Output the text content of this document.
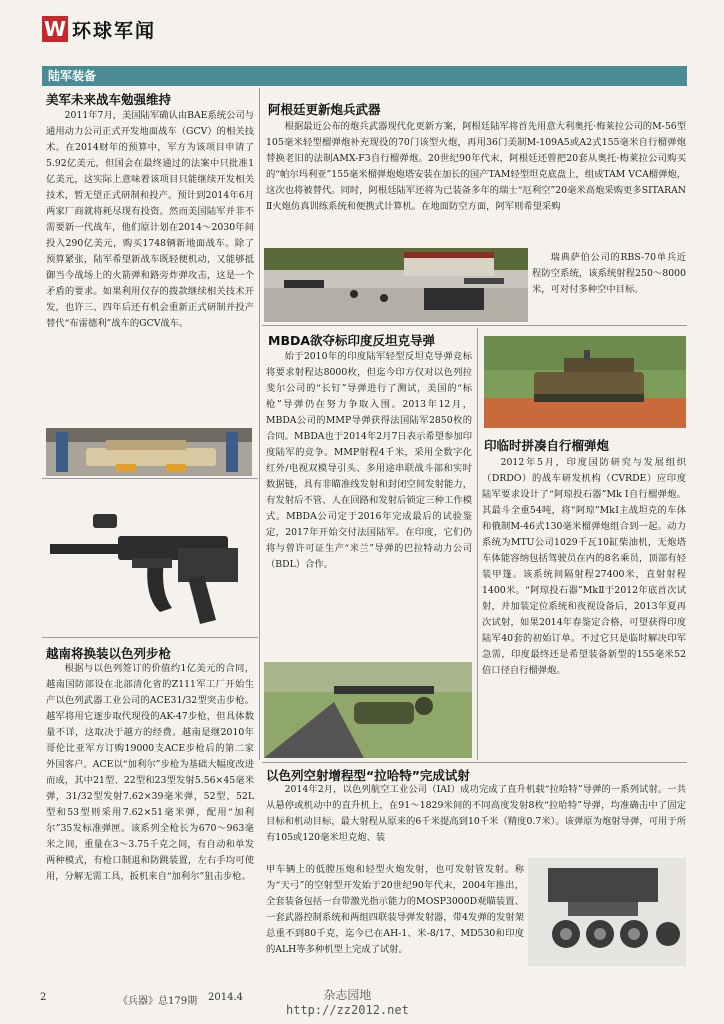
W 环球军闻
陆军装备
美军未来战车勉强维持

2011年7月，美国陆军确认由BAE系统公司与通用动力公司正式开发地面战车（GCV）的相关技术。在2014财年的预算中，军方为该项目申请了5.92亿美元，但国会在最终通过的法案中只批准1亿美元，这实际上意味着该项目只能继续开发相关技术，暂无望正式研制和投产。预计到2014年6月两家厂商就将耗尽现有投资。然而美国陆军并非不需要新一代战车，他们原计划在2014～2030年间投入290亿美元，购买1748辆新地面战车。除了预算紧张，陆军希望新战车既轻便机动，又能够抵御当今战场上的火箭弹和路旁炸弹攻击，这是一个矛盾的要求。如果利用仅存的拨款继续相关技术开发，也许三、四年后还有机会重新正式研制并投产替代“布雷德利”战车的GCV战车。

越南将换装以色列步枪

根据与以色列签订的价值约1亿美元的合同，越南国防部设在北部清化省的Z111军工厂开始生产以色列武器工业公司的ACE31/32型突击步枪。越军将用它逐步取代现役的AK-47步枪，但具体数量不详，这取决于越方的经费。越南是继2010年哥伦比亚军方订购19000支ACE步枪后的第二家外国客户。ACE以“加利尔”步枪为基础大幅度改进而成，其中21型、22型和23型发射5.56×45毫米弹，31/32型发射7.62×39毫米弹，52型、52L型和53型则采用7.62×51毫米弹，配用“加利尔”35发标准弹匣。该系列全枪长为670～963毫米之间，重量在3～3.75千克之间，有自动和单发两种模式，有枪口制退和防跳装置，左右手均可使用，分解无需工具，扳机来自“加利尔”狙击步枪。

阿根廷更新炮兵武器

根据最近公布的炮兵武器现代化更新方案，阿根廷陆军将首先用意大利奥托·梅莱拉公司的M-56型105毫米轻型榴弹炮补充现役的70门该型火炮，再用36门美制M-109A5或A2式155毫米自行榴弹炮替换老旧的法制AMX-F3自行榴弹炮。20世纪90年代末，阿根廷还曾把20套从奥托·梅莱拉公司购买的“帕尔玛利亚”155毫米榴弹炮炮塔安装在加长的国产TAM轻型坦克底盘上，组成TAM VCA榴弹炮，这次也将被替代。同时，阿根廷陆军还将为已装备多年的瑞士“厄利空”20毫米高炮采购更多SITARAN Ⅱ火炮仿真训练系统和便携式计算机。在地面防空方面，阿军则希望采购

瑞典萨伯公司的RBS-70单兵近程防空系统，该系统射程250～8000米，可对付多种空中目标。

MBDA欲夺标印度反坦克导弹

始于2010年的印度陆军轻型反坦克导弹竞标将要求射程达8000枚，但迄今印方仅对以色列拉斐尔公司的“长钉”导弹进行了测试，美国的“标枪”导弹仍在努力争取入围。2013年12月，MBDA公司的MMP导弹获得法国陆军2850枚的合同。MBDA也于2014年2月7日表示希望参加印度陆军的竞争。MMP射程4千米，采用全数字化红外/电视双模导引头、多用途串联战斗部和实时数据链，具有非瞄准线发射和封闭空间发射能力，有发射后不管、人在回路和发射后锁定三种工作模式。MBDA公司定于2016年完成最后的试验鉴定，2017年开始交付法国陆军。在印度，它们仍将与曾许可证生产“米兰”导弹的巴拉特动力公司（BDL）合作。

印临时拼凑自行榴弹炮

2012年5月，印度国防研究与发展组织（DRDO）的战车研发机构（CVRDE）应印度陆军要求设计了“阿琼投石器”Mk Ⅰ自行榴弹炮。其最斗全重54吨，将“阿琼”MkⅠ主战坦克的车体和俄制M-46式130毫米榴弹炮组合到一起。动力系统为MTU公司1029千瓦10缸柴油机，无炮塔车体能容纳包括驾驶员在内的8名乘员，顶部有轻装甲篷。该系统间隔射程27400米，直射射程1400米。“阿琼投石器”MkⅡ于2012年底首次试射，并加装定位系统和夜视设备后，2013年夏再次试射，如果2014年春鉴定合格，可望获得印度陆军40套的初始订单。不过它只是临时解决印军急需，印度最终还是希望装备新型的155毫米52倍口径自行榴弹炮。

以色列空射增程型“拉哈特”完成试射

2014年2月，以色列航空工业公司（IAI）成功完成了直升机载“拉哈特”导弹的一系列试射。一共从悬停或机动中的直升机上，在91～1829米间的不同高度发射8枚“拉哈特”导弹，均准确击中了固定目标和机动目标，最大射程从原来的6千米提高到10千米（精度0.7米）。该弹原为炮射导弹，可用于所有105或120毫米坦克炮、装

甲车辆上的低膛压炮和轻型火炮发射，也可发射管发射。称为“天弓”的空射型开发始于20世纪90年代末，2004年推出，全套装备包括一台带激光指示能力的MOSP3000D观瞄装置、一套武器控制系统和两组四联装导弹发射器，带4发弹的发射架总重不到80千克，迄今已在AH-1、米-8/17、MD530和印度的ALH等多种机型上完成了试射。

2	《兵器》总179期 2014.4	杂志园地
http://zz2012.net
